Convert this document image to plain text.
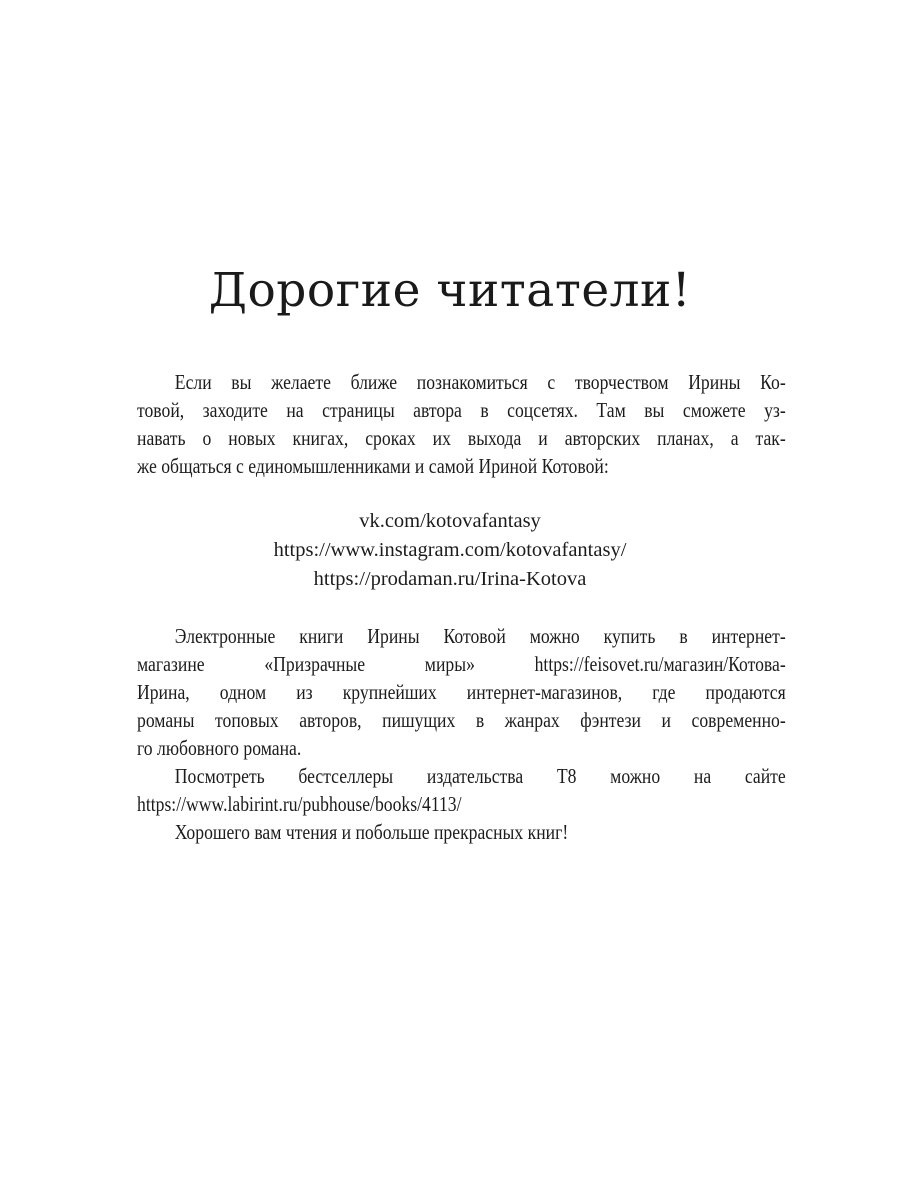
Дорогие читатели!
Если вы желаете ближе познакомиться с творчеством Ирины Ко-
товой, заходите на страницы автора в соцсетях. Там вы сможете уз-
навать о новых книгах, сроках их выхода и авторских планах, а так-
же общаться с единомышленниками и самой Ириной Котовой:
vk.com/kotovafantasy
https://www.instagram.com/kotovafantasy/
https://prodaman.ru/Irina-Kotova
Электронные книги Ирины Котовой можно купить в интернет-
магазине «Призрачные миры» https://feisovet.ru/магазин/Котова-
Ирина, одном из крупнейших интернет-магазинов, где продаются
романы топовых авторов, пишущих в жанрах фэнтези и современно-
го любовного романа.
Посмотреть бестселлеры издательства Т8 можно на сайте
https://www.labirint.ru/pubhouse/books/4113/
Хорошего вам чтения и побольше прекрасных книг!
